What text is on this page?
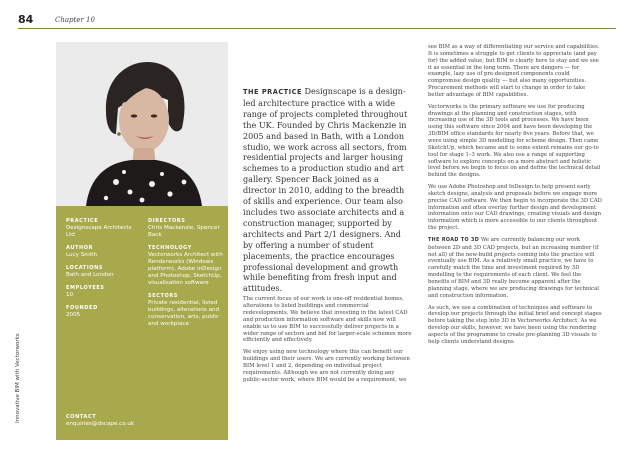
84	Chapter 10
Innovative BIM with Vectorworks
PRACTICE
Designscape Architects Ltd
AUTHOR
Lucy Smith
LOCATIONS
Bath and London
EMPLOYEES
10
FOUNDED
2005
DIRECTORS
Chris Mackenzie, Spencer Back
TECHNOLOGY
Vectorworks Architect with Renderworks (Windows platform), Adobe InDesign and Photoshop, SketchUp, visualisation software
SECTORS
Private residential, listed buildings, alterations and conservation, arts, public and workplace
CONTACT
enquiries@dscape.co.uk
THE PRACTICE Designscape is a design-led architecture practice with a wide range of projects completed throughout the UK. Founded by Chris Mackenzie in 2005 and based in Bath, with a London studio, we work across all sectors, from residential projects and larger housing schemes to a production studio and art gallery. Spencer Back joined as a director in 2010, adding to the breadth of skills and experience. Our team also includes two associate architects and a construction manager, supported by architects and Part 2/1 designers. And by offering a number of student placements, the practice encourages professional development and growth while benefiting from fresh input and attitudes.

The current focus of our work is one-off residential homes, alterations to listed buildings and commercial redevelopments. We believe that investing in the latest CAD and production information software and skills now will enable us to use BIM to successfully deliver projects in a wider range of sectors and bid for larger-scale schemes more efficiently and effectively.

We enjoy using new technology where this can benefit our buildings and their users. We are currently working between BIM level 1 and 2, depending on individual project requirements. Although we are not currently doing any public-sector work, where BIM would be a requirement, we

see BIM as a way of differentiating our service and capabilities. It is sometimes a struggle to get clients to appreciate (and pay for) the added value, but BIM is clearly here to stay and we see it as essential in the long term. There are dangers — for example, lazy use of pre-designed components could compromise design quality — but also many opportunities. Procurement methods will start to change in order to take better advantage of BIM capabilities.

Vectorworks is the primary software we use for producing drawings at the planning and construction stages, with increasing use of the 3D tools and processes. We have been using this software since 2004 and have been developing the 3D/BIM office standards for nearly five years. Before that, we were using simple 3D modelling for scheme design. Then came SketchUp, which became and to some extent remains our go-to tool for stage 1–3 work. We also use a range of supporting software to explore concepts on a more abstract and holistic level before we begin to focus on and define the technical detail behind the designs.

We use Adobe Photoshop and InDesign to help present early sketch designs, analysis and proposals before we engage more precise CAD software. We then begin to incorporate the 3D CAD information and often overlay further design and development information onto our CAD drawings, creating visuals and design information which is more accessible to our clients throughout the project.

THE ROAD TO 3D We are currently balancing our work between 2D and 3D CAD projects, but an increasing number (if not all) of the new-build projects coming into the practice will eventually use BIM. As a relatively small practice, we have to carefully match the time and investment required by 3D modelling to the requirements of each client. We feel the benefits of BIM and 3D really become apparent after the planning stage, where we are producing drawings for technical and construction information.

As such, we use a combination of techniques and software to develop our projects through the initial brief and concept stages before taking the step into 3D in Vectorworks Architect. As we develop our skills, however, we have been using the rendering aspects of the programme to create pre-planning 3D visuals to help clients understand designs.
